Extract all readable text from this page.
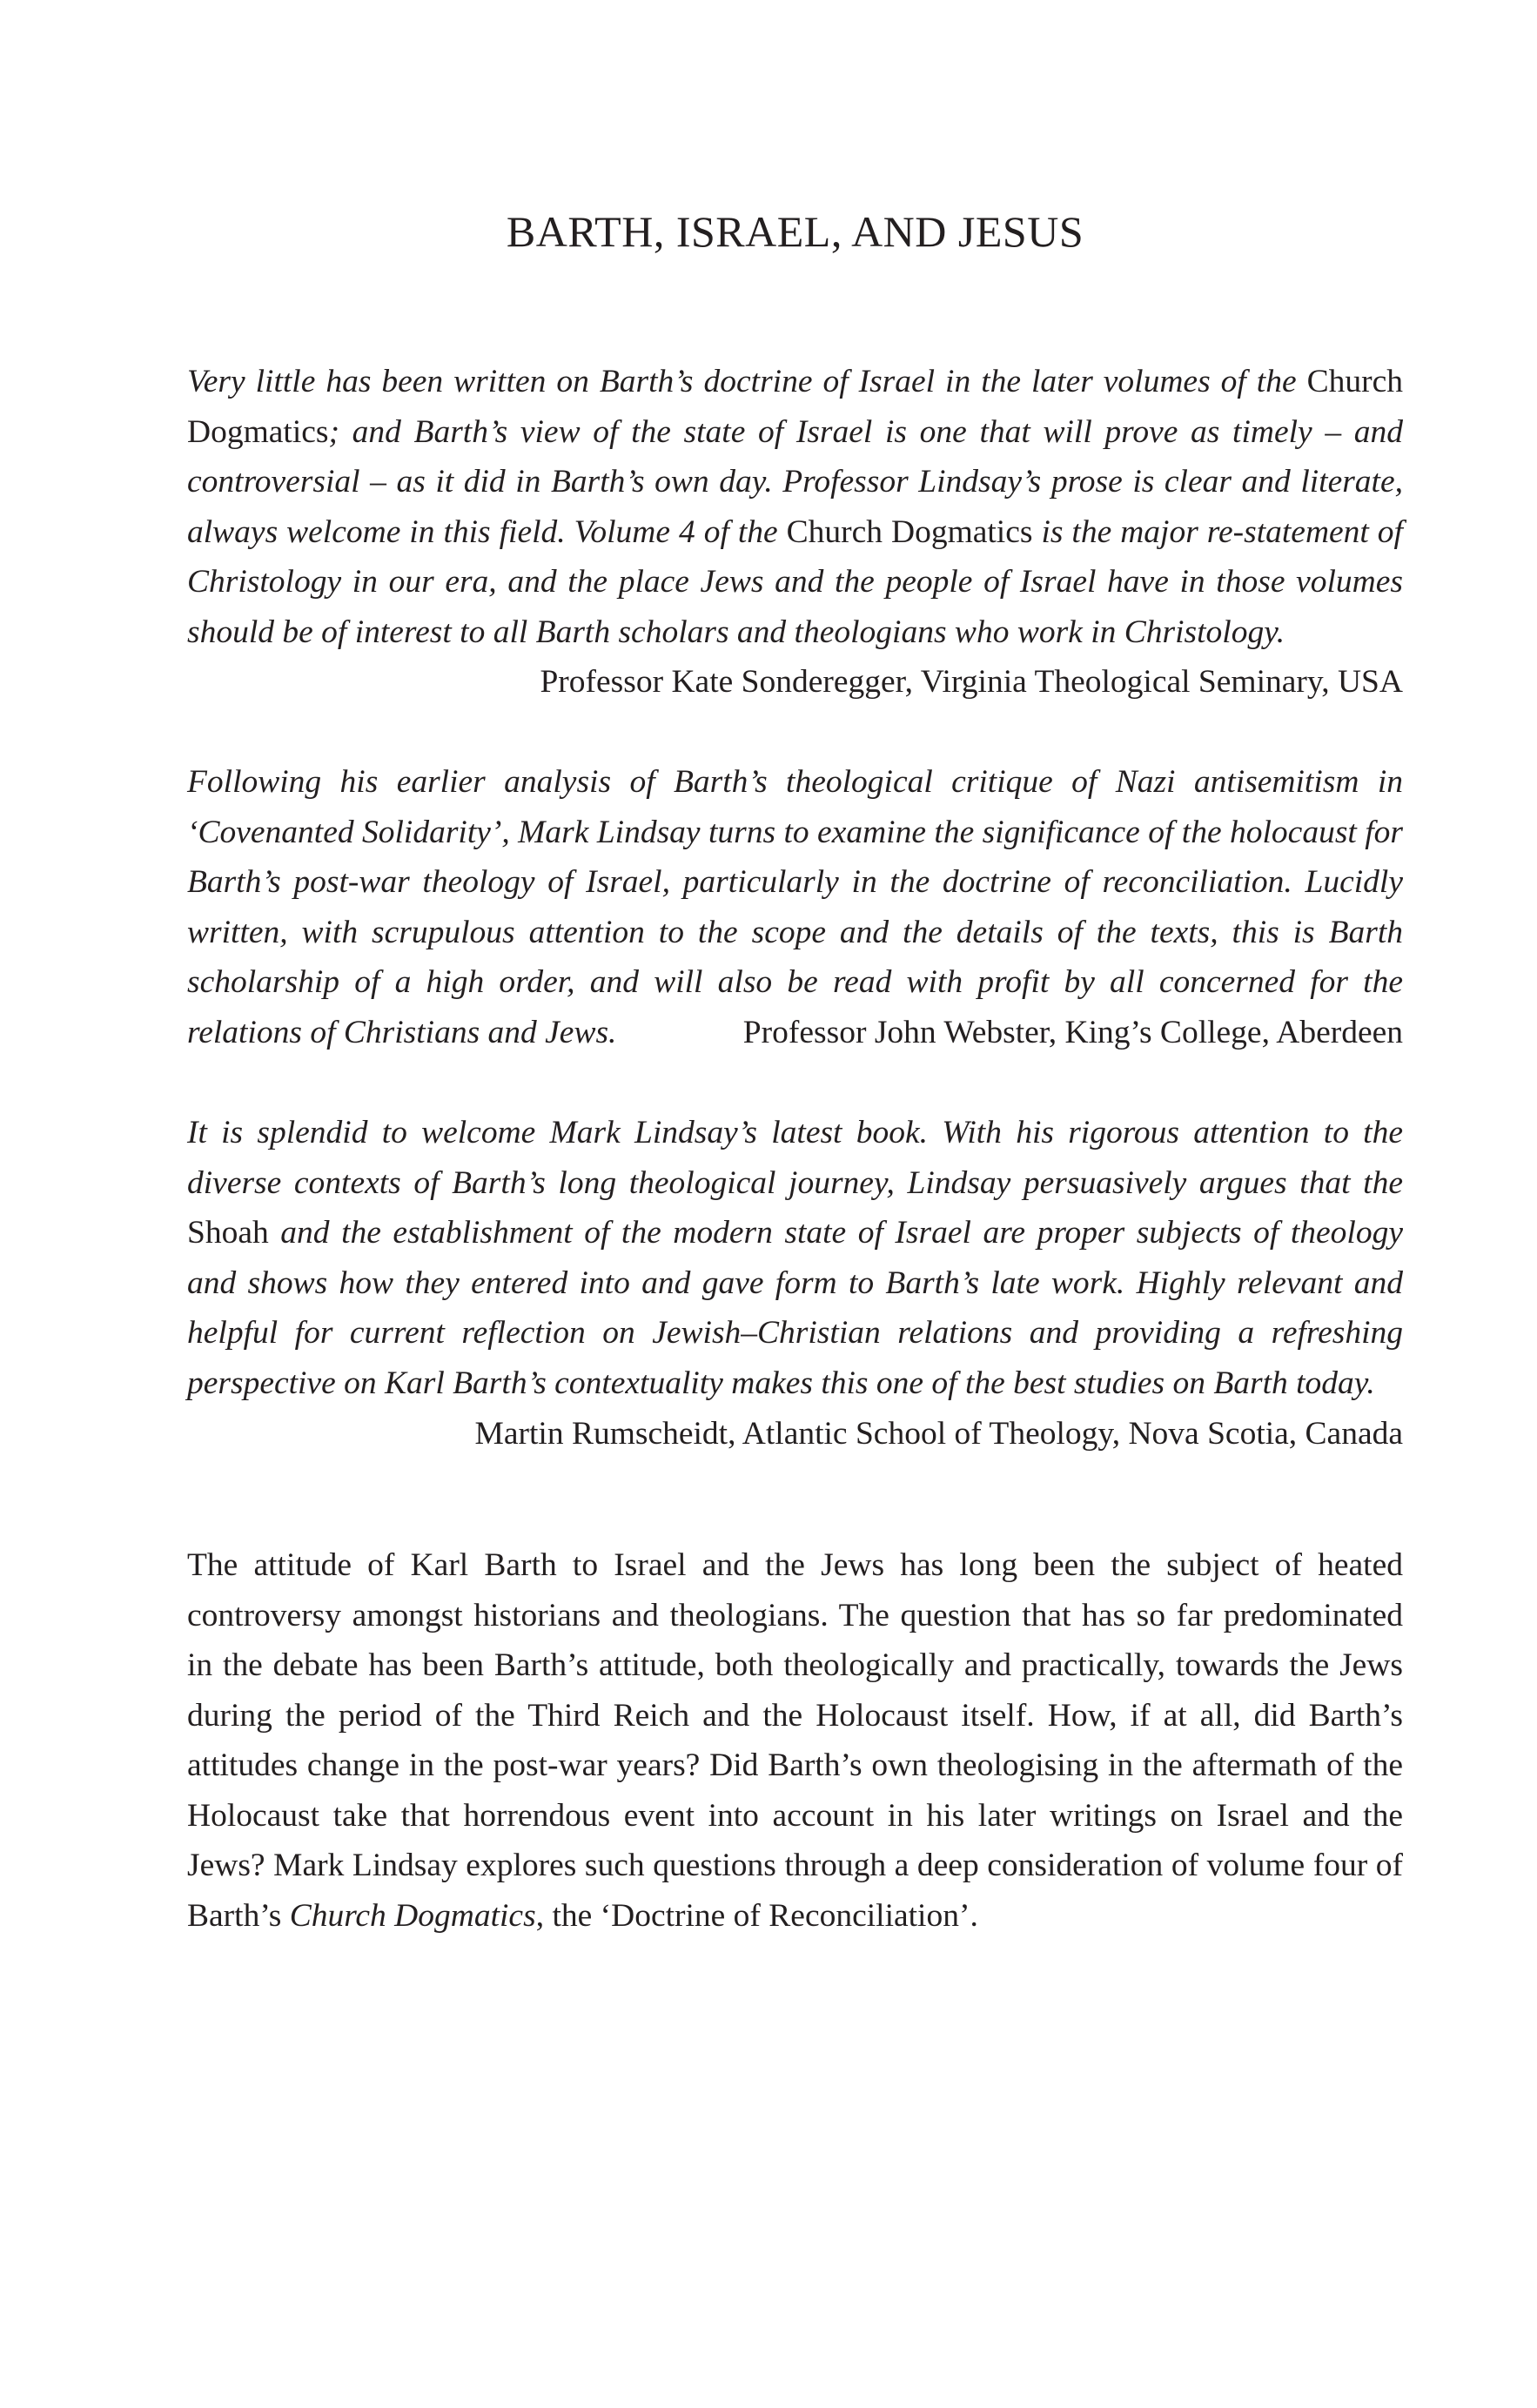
BARTH, ISRAEL, AND JESUS

Very little has been written on Barth’s doctrine of Israel in the later volumes of the Church Dogmatics; and Barth’s view of the state of Israel is one that will prove as timely – and controversial – as it did in Barth’s own day. Professor Lindsay’s prose is clear and literate, always welcome in this field. Volume 4 of the Church Dogmatics is the major re-statement of Christology in our era, and the place Jews and the people of Israel have in those volumes should be of interest to all Barth scholars and theologians who work in Christology.

Professor Kate Sonderegger, Virginia Theological Seminary, USA

Following his earlier analysis of Barth’s theological critique of Nazi antisemitism in ‘Covenanted Solidarity’, Mark Lindsay turns to examine the significance of the holocaust for Barth’s post-war theology of Israel, particularly in the doctrine of reconciliation. Lucidly written, with scrupulous attention to the scope and the details of the texts, this is Barth scholarship of a high order, and will also be read with profit by all concerned for the relations of Christians and Jews.	Professor John Webster, King’s College, Aberdeen

It is splendid to welcome Mark Lindsay’s latest book. With his rigorous attention to the diverse contexts of Barth’s long theological journey, Lindsay persuasively argues that the Shoah and the establishment of the modern state of Israel are proper subjects of theology and shows how they entered into and gave form to Barth’s late work. Highly relevant and helpful for current reflection on Jewish–Christian relations and providing a refreshing perspective on Karl Barth’s contextuality makes this one of the best studies on Barth today.

Martin Rumscheidt, Atlantic School of Theology, Nova Scotia, Canada

The attitude of Karl Barth to Israel and the Jews has long been the subject of heated controversy amongst historians and theologians. The question that has so far predominated in the debate has been Barth’s attitude, both theologically and practically, towards the Jews during the period of the Third Reich and the Holocaust itself. How, if at all, did Barth’s attitudes change in the post-war years? Did Barth’s own theologising in the aftermath of the Holocaust take that horrendous event into account in his later writings on Israel and the Jews? Mark Lindsay explores such questions through a deep consideration of volume four of Barth’s Church Dogmatics, the ‘Doctrine of Reconciliation’.
